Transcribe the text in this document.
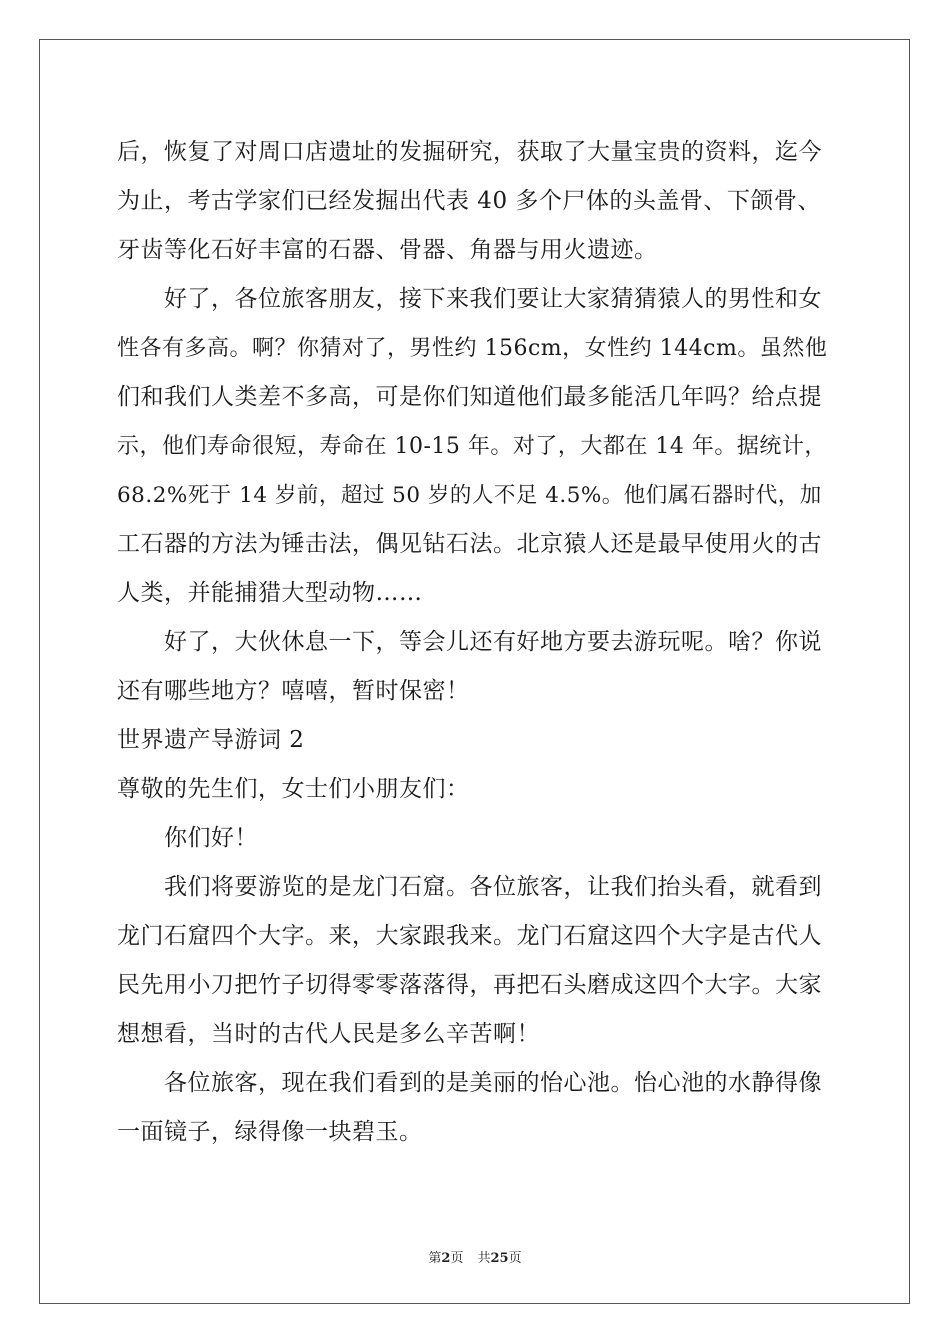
后，恢复了对周口店遗址的发掘研究，获取了大量宝贵的资料，迄今
为止，考古学家们已经发掘出代表 40 多个尸体的头盖骨、下颌骨、
牙齿等化石好丰富的石器、骨器、角器与用火遗迹。
好了，各位旅客朋友，接下来我们要让大家猜猜猿人的男性和女
性各有多高。啊？你猜对了，男性约 156cm，女性约 144cm。虽然他
们和我们人类差不多高，可是你们知道他们最多能活几年吗？给点提
示，他们寿命很短，寿命在 10-15 年。对了，大都在 14 年。据统计，
68.2%死于 14 岁前，超过 50 岁的人不足 4.5%。他们属石器时代，加
工石器的方法为锤击法，偶见钻石法。北京猿人还是最早使用火的古
人类，并能捕猎大型动物……
好了，大伙休息一下，等会儿还有好地方要去游玩呢。啥？你说
还有哪些地方？嘻嘻，暂时保密！
世界遗产导游词 2
尊敬的先生们，女士们小朋友们：
你们好！
我们将要游览的是龙门石窟。各位旅客，让我们抬头看，就看到
龙门石窟四个大字。来，大家跟我来。龙门石窟这四个大字是古代人
民先用小刀把竹子切得零零落落得，再把石头磨成这四个大字。大家
想想看，当时的古代人民是多么辛苦啊！
各位旅客，现在我们看到的是美丽的怡心池。怡心池的水静得像
一面镜子，绿得像一块碧玉。
第2页 共25页
